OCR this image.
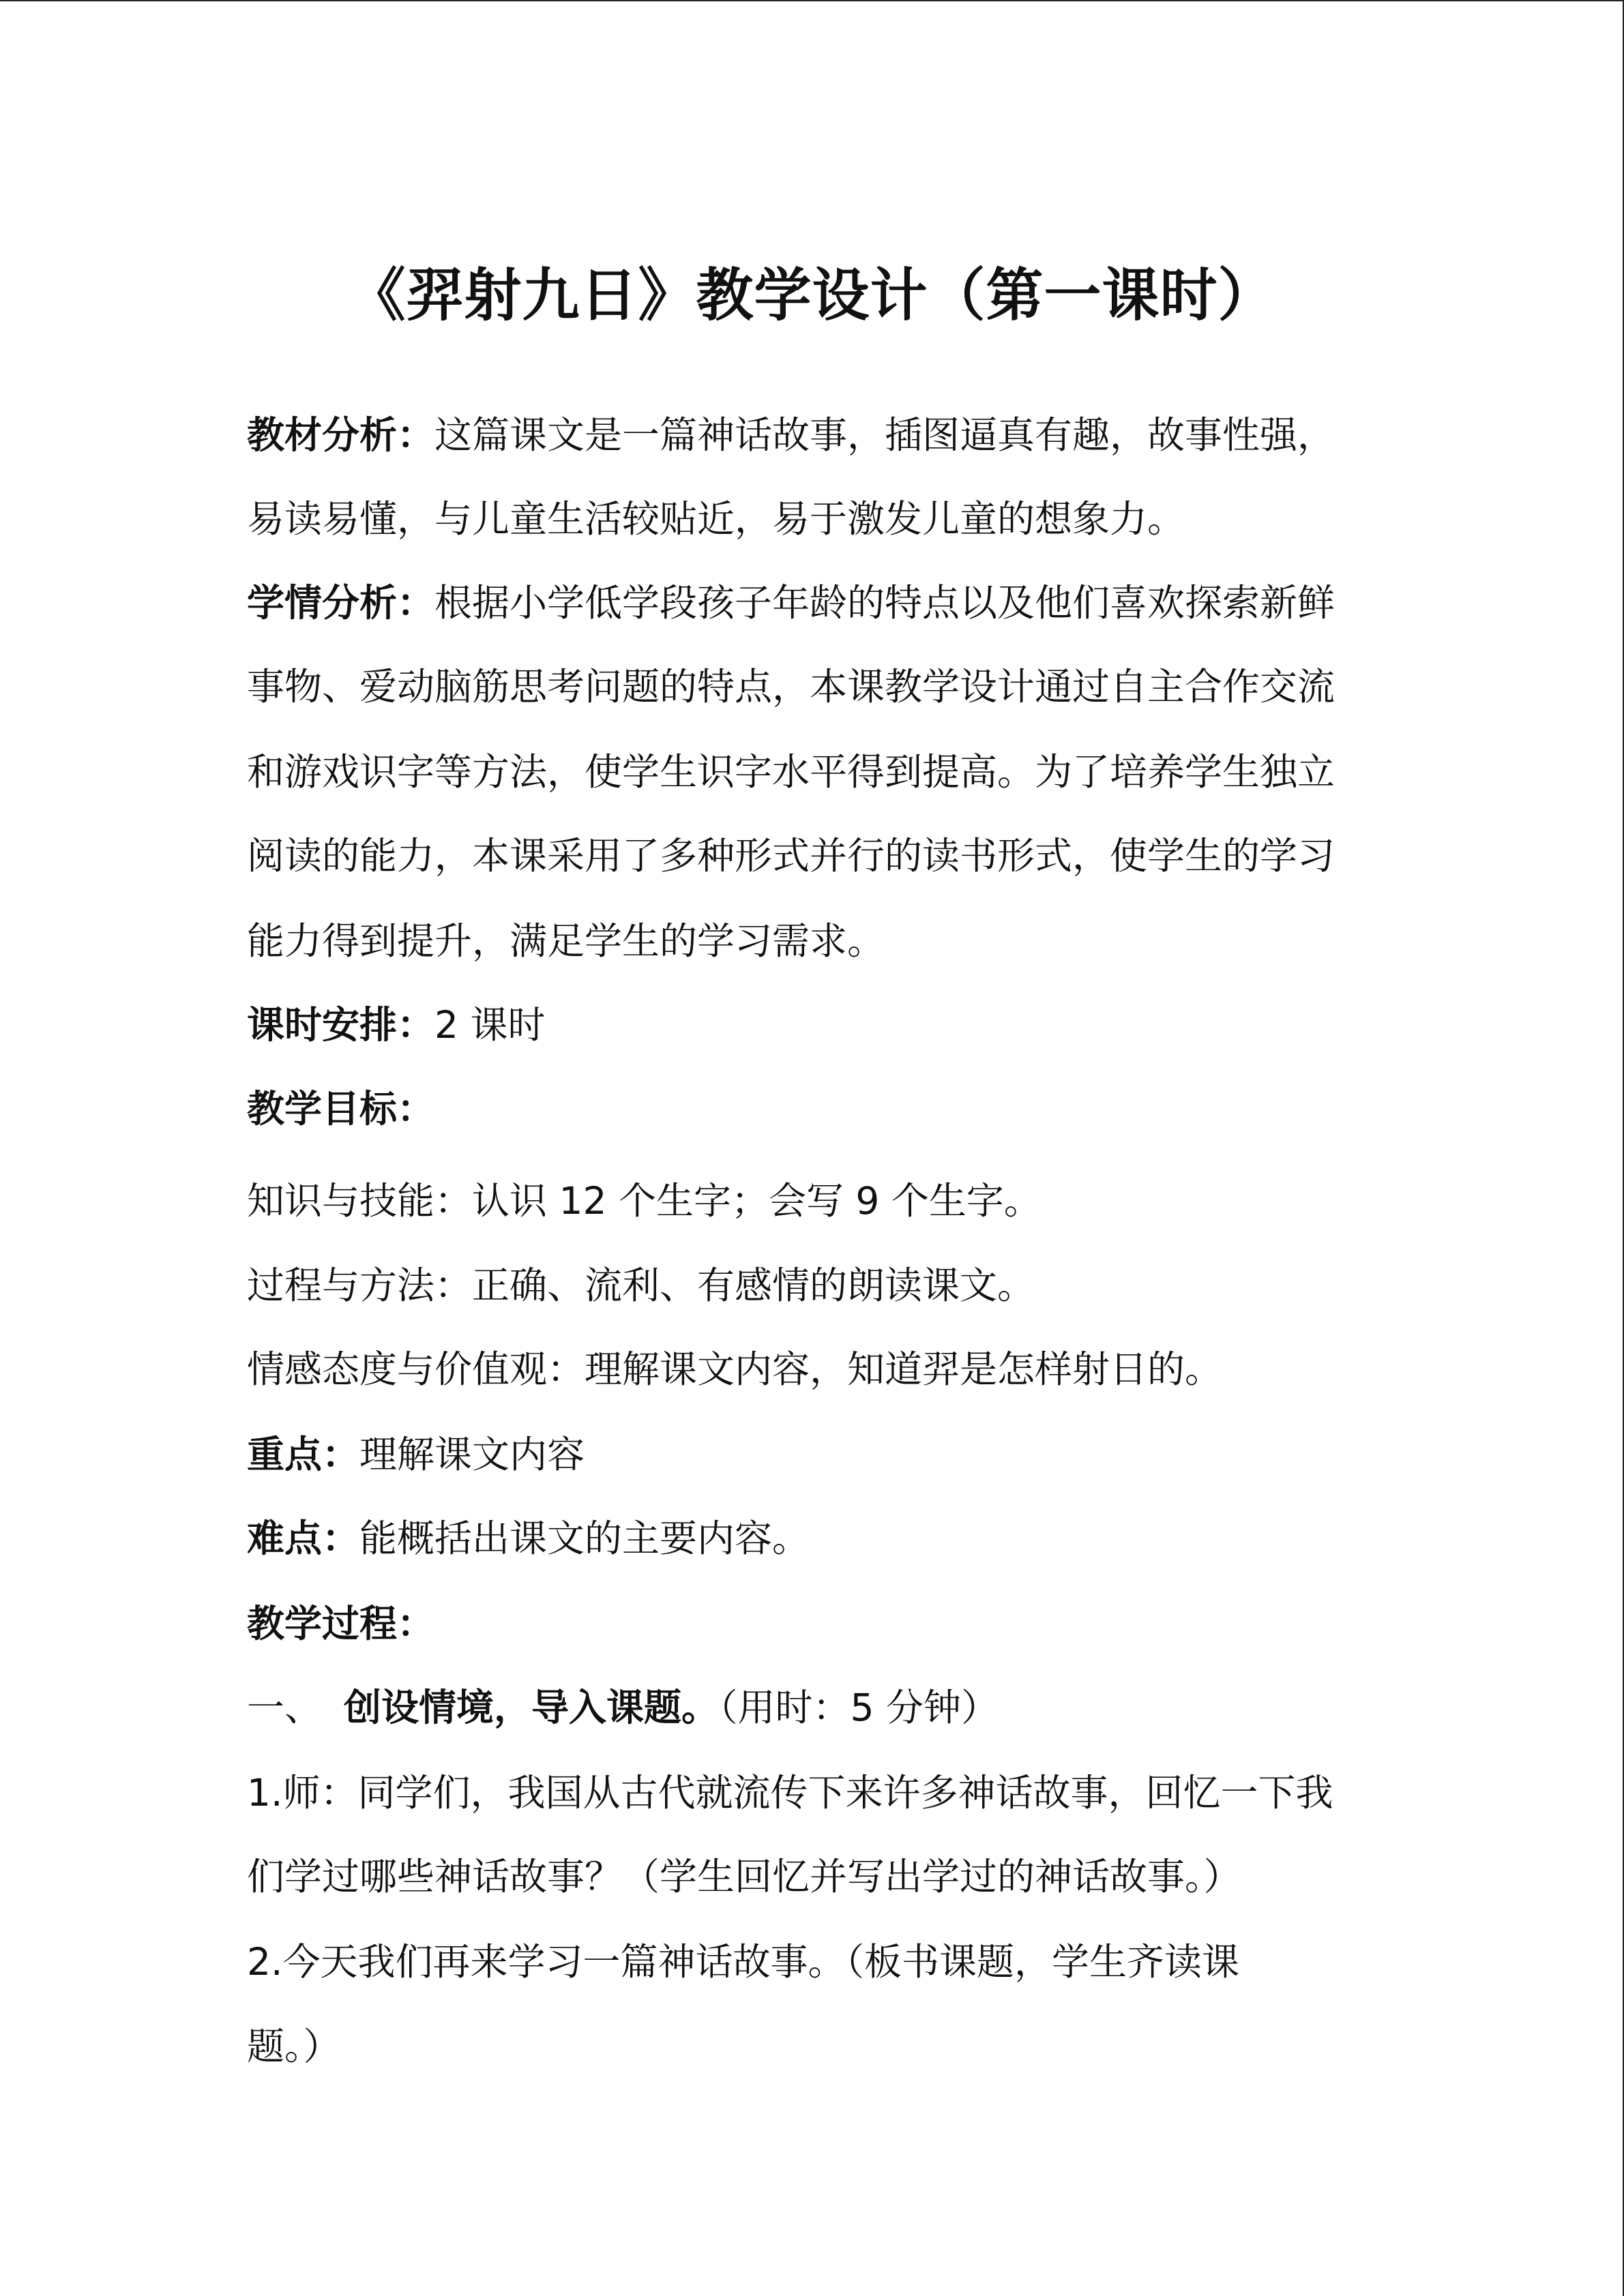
《羿射九日》教学设计（第一课时）
教材分析：这篇课文是一篇神话故事，插图逼真有趣，故事性强，
易读易懂，与儿童生活较贴近，易于激发儿童的想象力。
学情分析：根据小学低学段孩子年龄的特点以及他们喜欢探索新鲜
事物、爱动脑筋思考问题的特点，本课教学设计通过自主合作交流
和游戏识字等方法，使学生识字水平得到提高。为了培养学生独立
阅读的能力，本课采用了多种形式并行的读书形式，使学生的学习
能力得到提升，满足学生的学习需求。
课时安排：2 课时
教学目标：
知识与技能：认识 12 个生字；会写 9 个生字。
过程与方法：正确、流利、有感情的朗读课文。
情感态度与价值观：理解课文内容，知道羿是怎样射日的。
重点：理解课文内容
难点：能概括出课文的主要内容。
教学过程：
一、 创设情境，导入课题。（用时：5 分钟）
1.师：同学们，我国从古代就流传下来许多神话故事，回忆一下我
们学过哪些神话故事？（学生回忆并写出学过的神话故事。）
2.今天我们再来学习一篇神话故事。（板书课题，学生齐读课
题。）
